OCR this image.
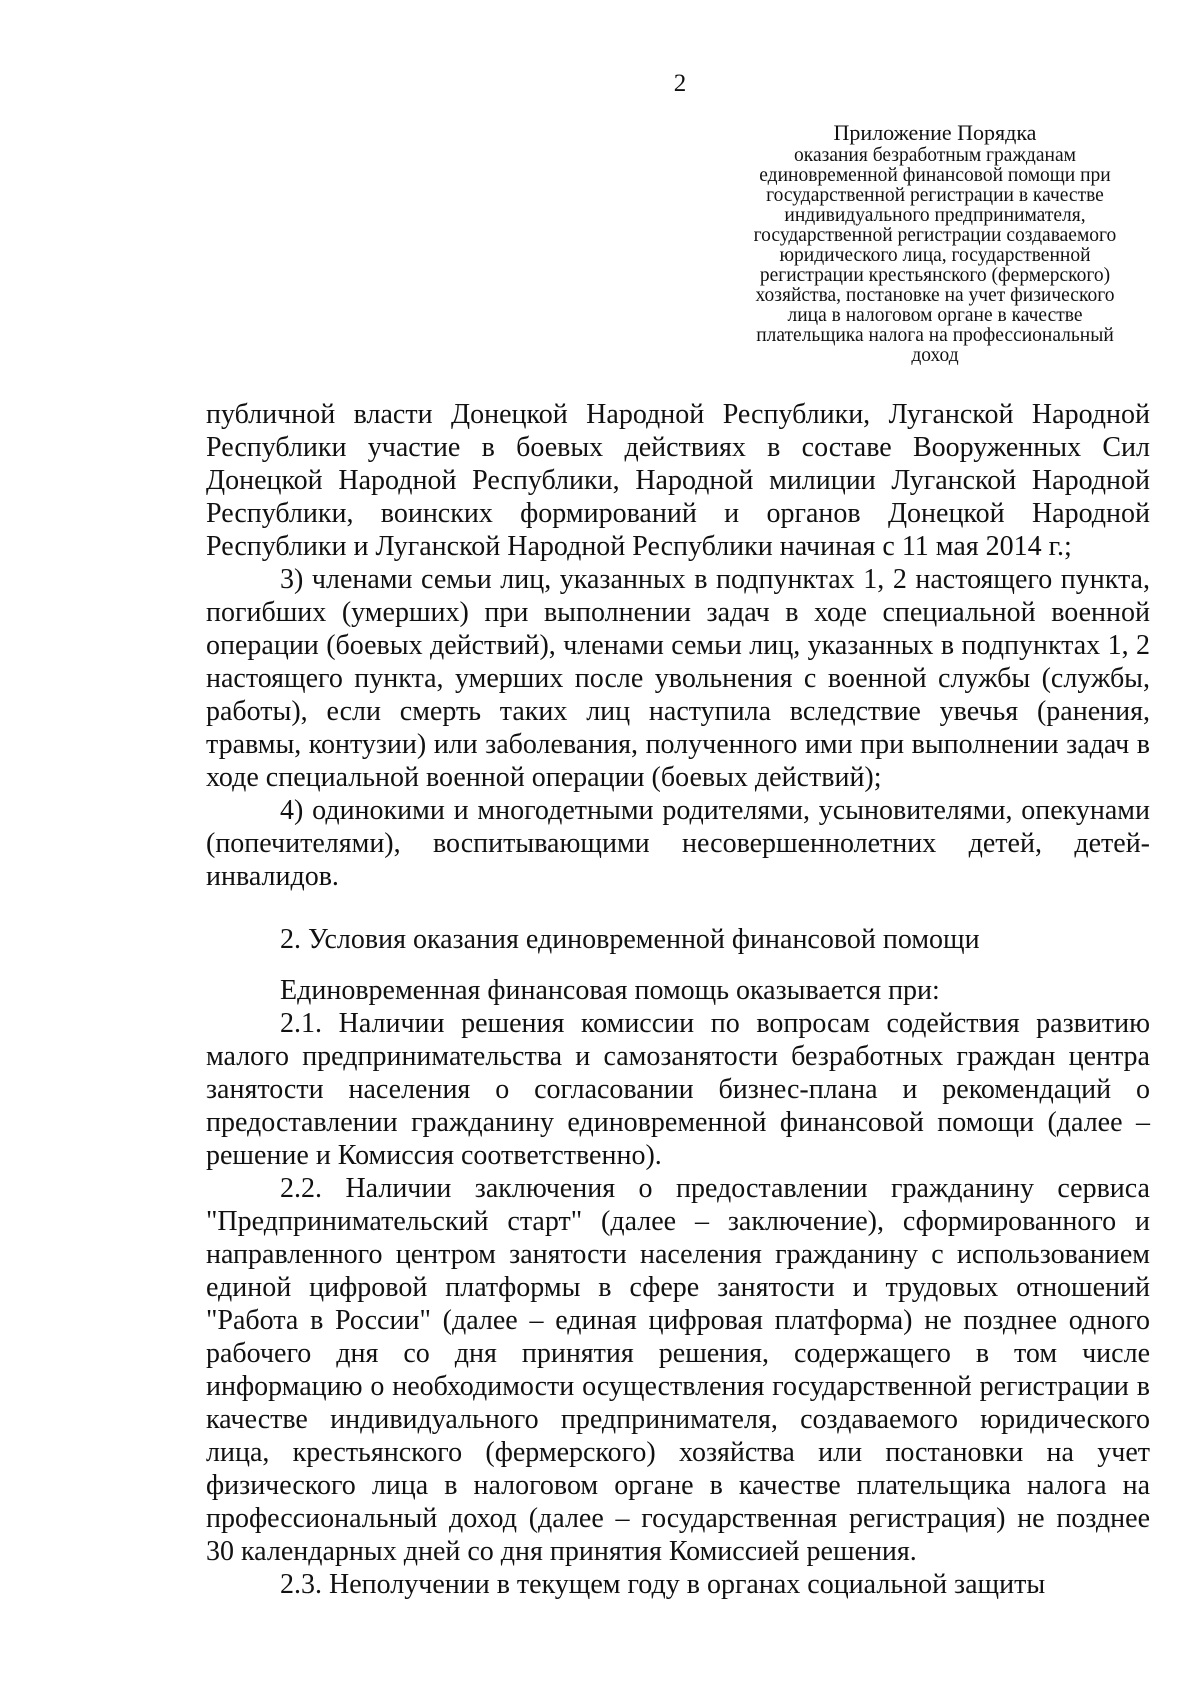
2
Приложение Порядка
оказания безработным гражданам единовременной финансовой помощи при государственной регистрации в качестве индивидуального предпринимателя, государственной регистрации создаваемого юридического лица, государственной регистрации крестьянского (фермерского) хозяйства, постановке на учет физического лица в налоговом органе в качестве плательщика налога на профессиональный доход

публичной власти Донецкой Народной Республики, Луганской Народной Республики участие в боевых действиях в составе Вооруженных Сил Донецкой Народной Республики, Народной милиции Луганской Народной Республики, воинских формирований и органов Донецкой Народной Республики и Луганской Народной Республики начиная с 11 мая 2014 г.;

3) членами семьи лиц, указанных в подпунктах 1, 2 настоящего пункта, погибших (умерших) при выполнении задач в ходе специальной военной операции (боевых действий), членами семьи лиц, указанных в подпунктах 1, 2 настоящего пункта, умерших после увольнения с военной службы (службы, работы), если смерть таких лиц наступила вследствие увечья (ранения, травмы, контузии) или заболевания, полученного ими при выполнении задач в ходе специальной военной операции (боевых действий);

4) одинокими и многодетными родителями, усыновителями, опекунами (попечителями), воспитывающими несовершеннолетних детей, детей-инвалидов.

2. Условия оказания единовременной финансовой помощи

Единовременная финансовая помощь оказывается при:

2.1. Наличии решения комиссии по вопросам содействия развитию малого предпринимательства и самозанятости безработных граждан центра занятости населения о согласовании бизнес-плана и рекомендаций о предоставлении гражданину единовременной финансовой помощи (далее – решение и Комиссия соответственно).

2.2. Наличии заключения о предоставлении гражданину сервиса "Предпринимательский старт" (далее – заключение), сформированного и направленного центром занятости населения гражданину с использованием единой цифровой платформы в сфере занятости и трудовых отношений "Работа в России" (далее – единая цифровая платформа) не позднее одного рабочего дня со дня принятия решения, содержащего в том числе информацию о необходимости осуществления государственной регистрации в качестве индивидуального предпринимателя, создаваемого юридического лица, крестьянского (фермерского) хозяйства или постановки на учет физического лица в налоговом органе в качестве плательщика налога на профессиональный доход (далее – государственная регистрация) не позднее 30 календарных дней со дня принятия Комиссией решения.

2.3. Неполучении в текущем году в органах социальной защиты
